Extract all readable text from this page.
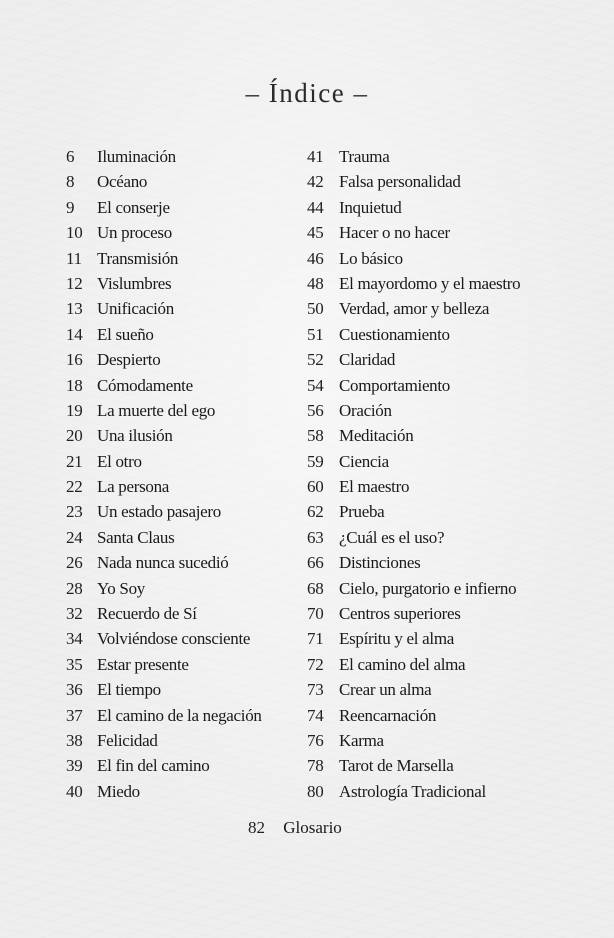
– Índice –
6	Iluminación
8	Océano
9	El conserje
10 Un proceso
11 Transmisión
12 Vislumbres
13 Unificación
14 El sueño
16 Despierto
18 Cómodamente
19 La muerte del ego
20 Una ilusión
21 El otro
22 La persona
23 Un estado pasajero
24 Santa Claus
26 Nada nunca sucedió
28 Yo Soy
32 Recuerdo de Sí
34 Volviéndose consciente
35 Estar presente
36 El tiempo
37 El camino de la negación
38 Felicidad
39 El fin del camino
40 Miedo
41 Trauma
42 Falsa personalidad
44 Inquietud
45 Hacer o no hacer
46 Lo básico
48 El mayordomo y el maestro
50 Verdad, amor y belleza
51 Cuestionamiento
52 Claridad
54 Comportamiento
56 Oración
58 Meditación
59 Ciencia
60 El maestro
62 Prueba
63 ¿Cuál es el uso?
66 Distinciones
68 Cielo, purgatorio e infierno
70 Centros superiores
71 Espíritu y el alma
72 El camino del alma
73 Crear un alma
74 Reencarnación
76 Karma
78 Tarot de Marsella
80 Astrología Tradicional
82 Glosario
